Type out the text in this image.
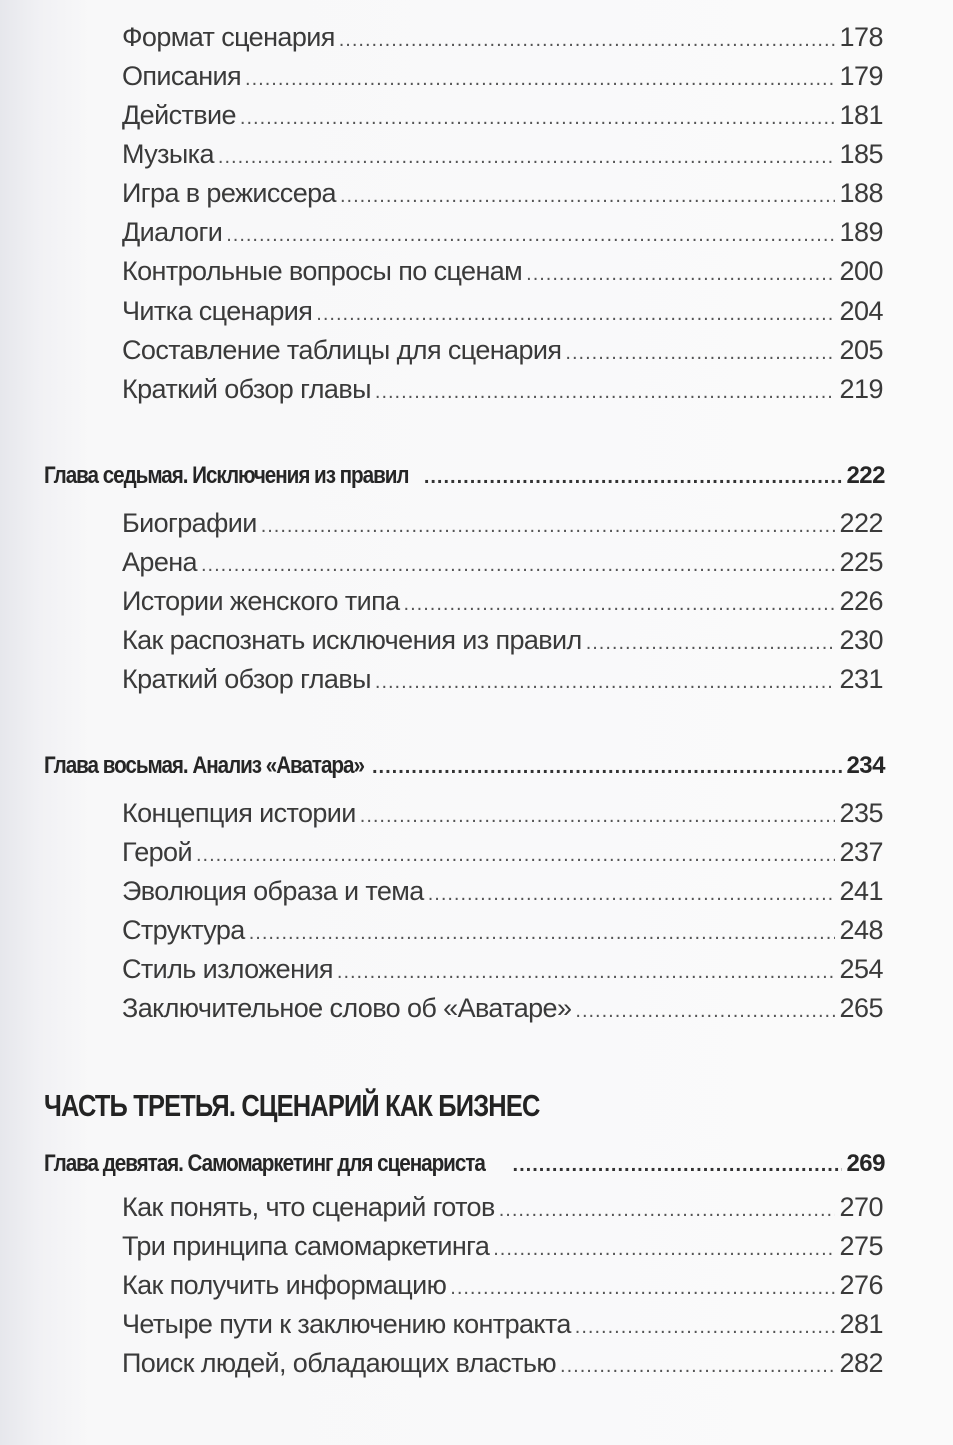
Формат сценария .....	178
Описания .....	179
Действие .....	181
Музыка .....	185
Игра в режиссера .....	188
Диалоги .....	189
Контрольные вопросы по сценам .....	200
Читка сценария .....	204
Составление таблицы для сценария .....	205
Краткий обзор главы .....	219
Глава седьмая. Исключения из правил .....	222
Биографии .....	222
Арена .....	225
Истории женского типа .....	226
Как распознать исключения из правил .....	230
Краткий обзор главы .....	231
Глава восьмая. Анализ «Аватара» .....	234
Концепция истории .....	235
Герой .....	237
Эволюция образа и тема .....	241
Структура .....	248
Стиль изложения .....	254
Заключительное слово об «Аватаре» .....	265
ЧАСТЬ ТРЕТЬЯ. СЦЕНАРИЙ КАК БИЗНЕС
Глава девятая. Самомаркетинг для сценариста .....	269
Как понять, что сценарий готов .....	270
Три принципа самомаркетинга .....	275
Как получить информацию .....	276
Четыре пути к заключению контракта .....	281
Поиск людей, обладающих властью .....	282
